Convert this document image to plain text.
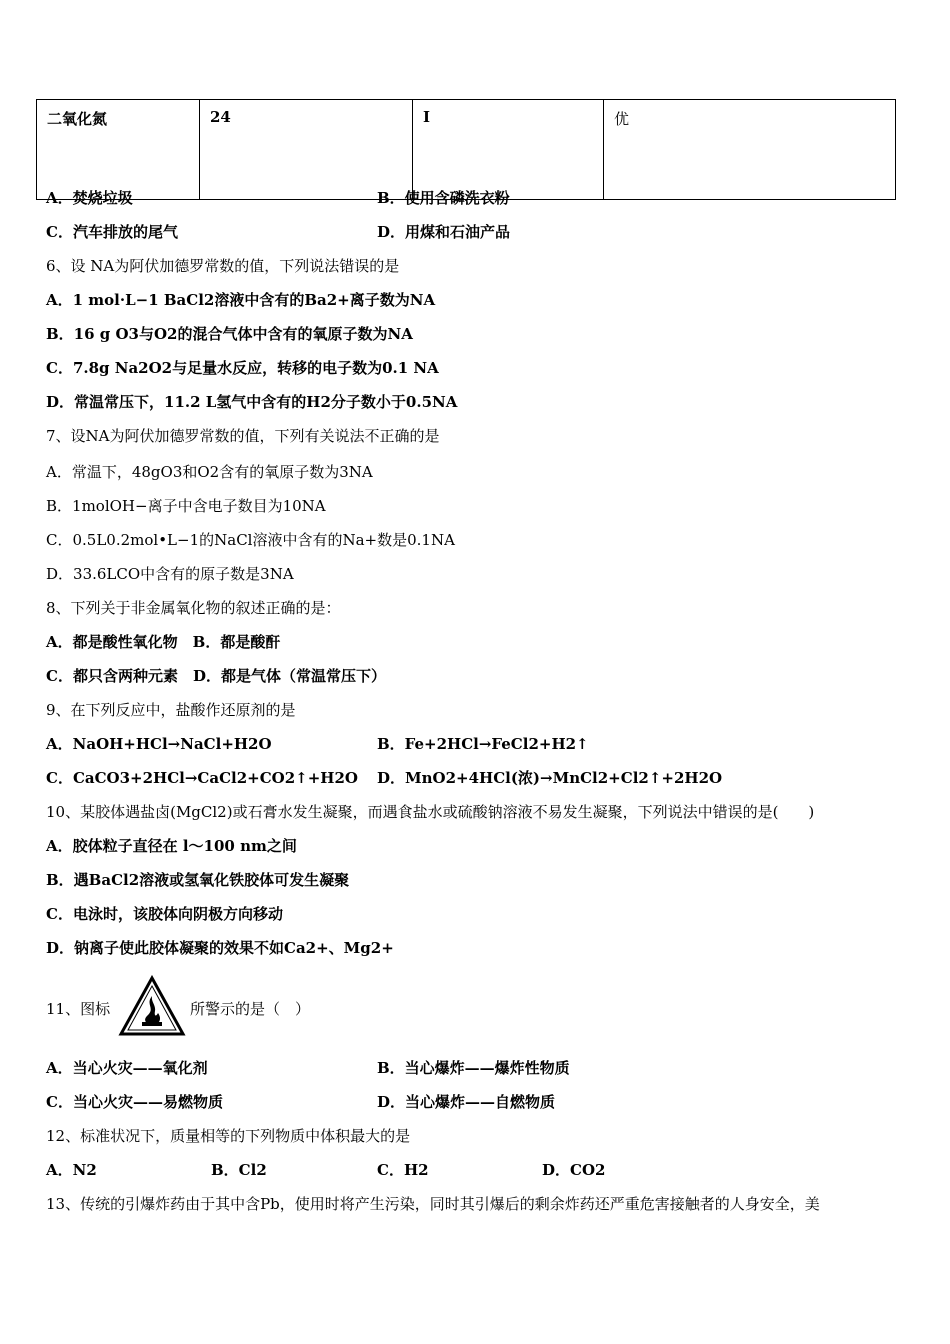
二氧化氮	24	I	优
A．焚烧垃圾	B．使用含磷洗衣粉
C．汽车排放的尾气	D．用煤和石油产品
6、设 NA为阿伏加德罗常数的值，下列说法错误的是
A．1 mol·L−1 BaCl2溶液中含有的Ba2+离子数为NA
B．16 g O3与O2的混合气体中含有的氧原子数为NA
C．7.8g Na2O2与足量水反应，转移的电子数为0.1 NA
D．常温常压下，11.2 L氢气中含有的H2分子数小于0.5NA
7、设NA为阿伏加德罗常数的值，下列有关说法不正确的是
A．常温下，48gO3和O2含有的氧原子数为3NA
B．1molOH−离子中含电子数目为10NA
C．0.5L0.2mol•L−1的NaCl溶液中含有的Na+数是0.1NA
D．33.6LCO中含有的原子数是3NA
8、下列关于非金属氧化物的叙述正确的是：
A．都是酸性氧化物　B．都是酸酐
C．都只含两种元素　D．都是气体（常温常压下）
9、在下列反应中，盐酸作还原剂的是
A．NaOH+HCl→NaCl+H2O	B．Fe+2HCl→FeCl2+H2↑
C．CaCO3+2HCl→CaCl2+CO2↑+H2O D．MnO2+4HCl(浓)→MnCl2+Cl2↑+2H2O
10、某胶体遇盐卤(MgCl2)或石膏水发生凝聚，而遇食盐水或硫酸钠溶液不易发生凝聚，下列说法中错误的是(　　)
A．胶体粒子直径在 l～100 nm之间
B．遇BaCl2溶液或氢氧化铁胶体可发生凝聚
C．电泳时，该胶体向阴极方向移动
D．钠离子使此胶体凝聚的效果不如Ca2+、Mg2+
11、图标	所警示的是（　）
A．当心火灾——氧化剂	B．当心爆炸——爆炸性物质
C．当心火灾——易燃物质	D．当心爆炸——自燃物质
12、标准状况下，质量相等的下列物质中体积最大的是
A．N2	B．Cl2	C．H2	D．CO2
13、传统的引爆炸药由于其中含Pb，使用时将产生污染，同时其引爆后的剩余炸药还严重危害接触者的人身安全，美
